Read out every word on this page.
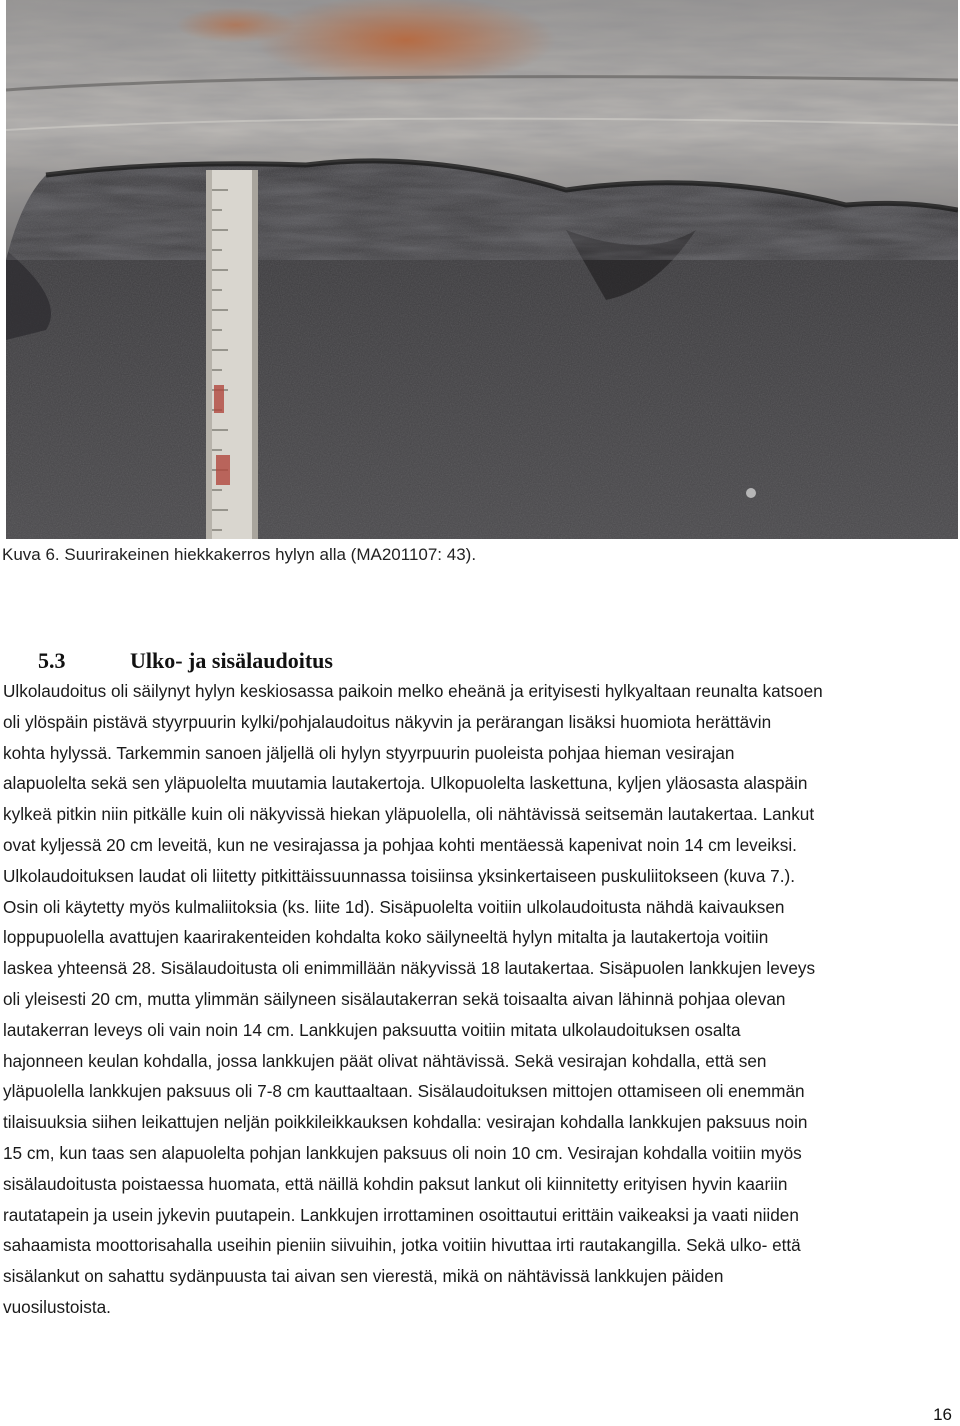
Kuva 6. Suurirakeinen hiekkakerros hylyn alla (MA201107: 43).
5.3	Ulko- ja sisälaudoitus
Ulkolaudoitus oli säilynyt hylyn keskiosassa paikoin melko eheänä ja erityisesti hylkyaltaan reunalta katsoen
oli ylöspäin pistävä styyrpuurin kylki/pohjalaudoitus näkyvin ja perärangan lisäksi huomiota herättävin
kohta hylyssä. Tarkemmin sanoen jäljellä oli hylyn styyrpuurin puoleista pohjaa hieman vesirajan
alapuolelta sekä sen yläpuolelta muutamia lautakertoja. Ulkopuolelta laskettuna, kyljen yläosasta alaspäin
kylkeä pitkin niin pitkälle kuin oli näkyvissä hiekan yläpuolella, oli nähtävissä seitsemän lautakertaa. Lankut
ovat kyljessä 20 cm leveitä, kun ne vesirajassa ja pohjaa kohti mentäessä kapenivat noin 14 cm leveiksi.
Ulkolaudoituksen laudat oli liitetty pitkittäissuunnassa toisiinsa yksinkertaiseen puskuliitokseen (kuva 7.).
Osin oli käytetty myös kulmaliitoksia (ks. liite 1d). Sisäpuolelta voitiin ulkolaudoitusta nähdä kaivauksen
loppupuolella avattujen kaarirakenteiden kohdalta koko säilyneeltä hylyn mitalta ja lautakertoja voitiin
laskea yhteensä 28. Sisälaudoitusta oli enimmillään näkyvissä 18 lautakertaa. Sisäpuolen lankkujen leveys
oli yleisesti 20 cm, mutta ylimmän säilyneen sisälautakerran sekä toisaalta aivan lähinnä pohjaa olevan
lautakerran leveys oli vain noin 14 cm. Lankkujen paksuutta voitiin mitata ulkolaudoituksen osalta
hajonneen keulan kohdalla, jossa lankkujen päät olivat nähtävissä. Sekä vesirajan kohdalla, että sen
yläpuolella lankkujen paksuus oli 7-8 cm kauttaaltaan. Sisälaudoituksen mittojen ottamiseen oli enemmän
tilaisuuksia siihen leikattujen neljän poikkileikkauksen kohdalla: vesirajan kohdalla lankkujen paksuus noin
15 cm, kun taas sen alapuolelta pohjan lankkujen paksuus oli noin 10 cm. Vesirajan kohdalla voitiin myös
sisälaudoitusta poistaessa huomata, että näillä kohdin paksut lankut oli kiinnitetty erityisen hyvin kaariin
rautatapein ja usein jykevin puutapein. Lankkujen irrottaminen osoittautui erittäin vaikeaksi ja vaati niiden
sahaamista moottorisahalla useihin pieniin siivuihin, jotka voitiin hivuttaa irti rautakangilla. Sekä ulko- että
sisälankut on sahattu sydänpuusta tai aivan sen vierestä, mikä on nähtävissä lankkujen päiden
vuosilustoista.
16
